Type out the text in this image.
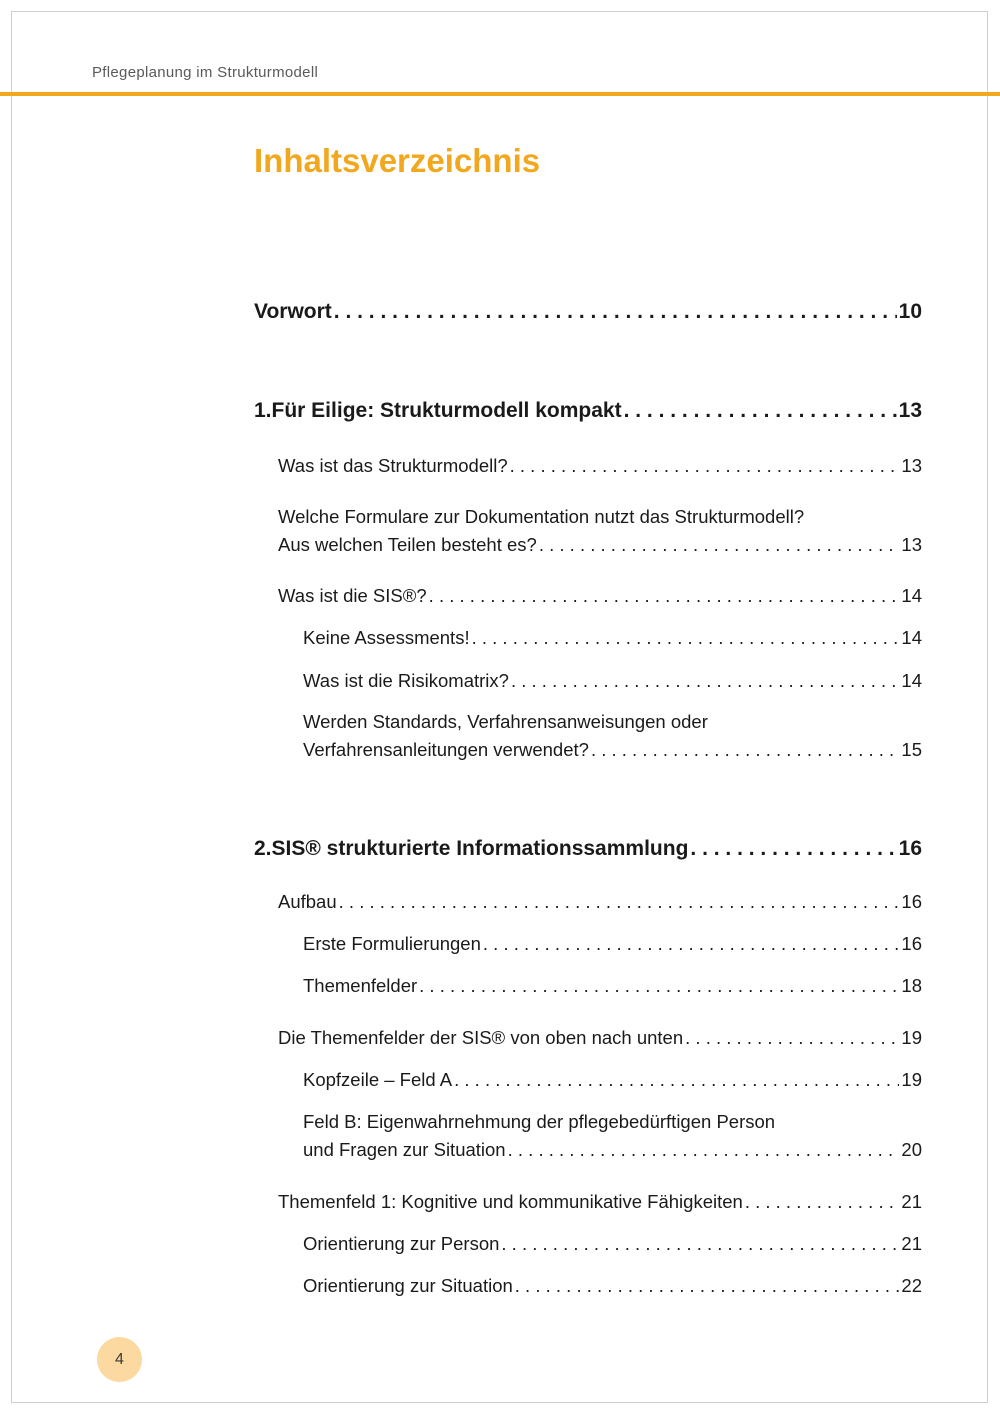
Pflegeplanung im Strukturmodell
Inhaltsverzeichnis
Vorwort . . .	10
1. Für Eilige: Strukturmodell kompakt . . .	13
Was ist das Strukturmodell? . . .	13
Welche Formulare zur Dokumentation nutzt das Strukturmodell?
Aus welchen Teilen besteht es? . . .	13
Was ist die SIS®? . . .	14
Keine Assessments! . . .	14
Was ist die Risikomatrix? . . .	14
Werden Standards, Verfahrensanweisungen oder
Verfahrensanleitungen verwendet? . . .	15
2. SIS® strukturierte Informationssammlung . . .	16
Aufbau . . .	16
Erste Formulierungen . . .	16
Themenfelder . . .	18
Die Themenfelder der SIS® von oben nach unten . . .	19
Kopfzeile – Feld A . . .	19
Feld B: Eigenwahrnehmung der pflegebedürftigen Person
und Fragen zur Situation . . .	20
Themenfeld 1: Kognitive und kommunikative Fähigkeiten . . .	21
Orientierung zur Person . . .	21
Orientierung zur Situation . . .	22
4
